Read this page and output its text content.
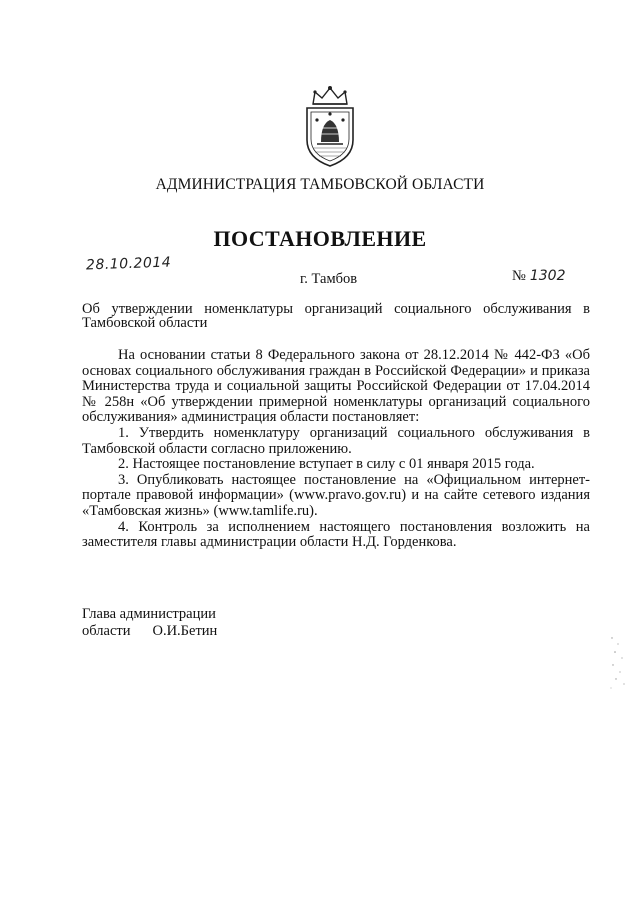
АДМИНИСТРАЦИЯ ТАМБОВСКОЙ ОБЛАСТИ
ПОСТАНОВЛЕНИЕ
28.10.2014
г. Тамбов	№ 1302
Об утверждении номенклатуры организаций социального обслуживания в Тамбовской области

На основании статьи 8 Федерального закона от 28.12.2014 № 442-ФЗ «Об основах социального обслуживания граждан в Российской Федерации» и приказа Министерства труда и социальной защиты Российской Федерации от 17.04.2014 № 258н «Об утверждении примерной номенклатуры организаций социального обслуживания» администрация области постановляет:

1. Утвердить номенклатуру организаций социального обслуживания в Тамбовской области согласно приложению.

2. Настоящее постановление вступает в силу с 01 января 2015 года.

3. Опубликовать настоящее постановление на «Официальном интернет-портале правовой информации» (www.pravo.gov.ru) и на сайте сетевого издания «Тамбовская жизнь» (www.tamlife.ru).

4. Контроль за исполнением настоящего постановления возложить на заместителя главы администрации области Н.Д. Горденкова.

Глава администрации
области О.И.Бетин
